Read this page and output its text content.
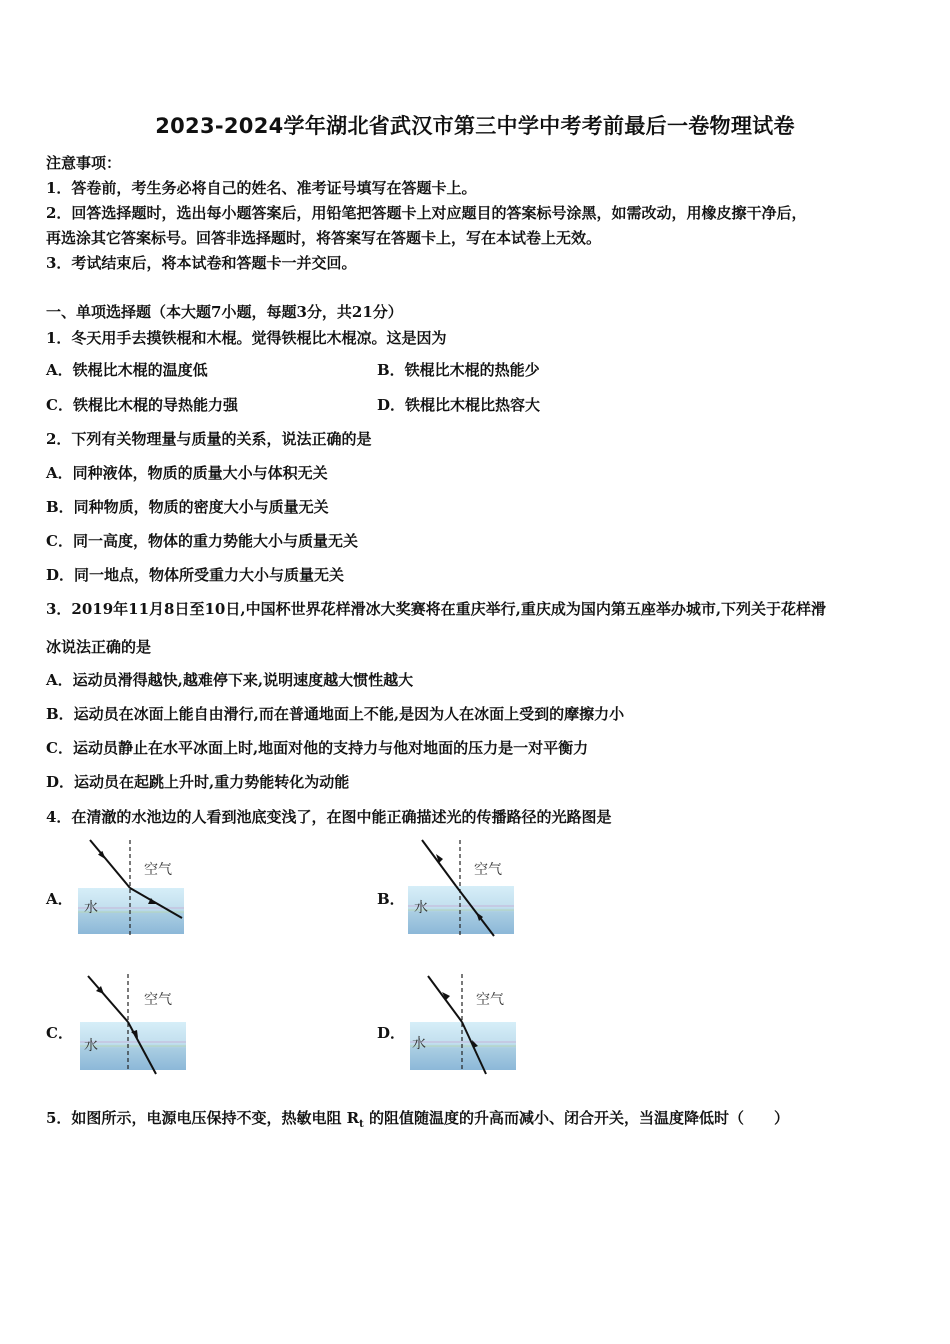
2023-2024学年湖北省武汉市第三中学中考考前最后一卷物理试卷
注意事项：
1．答卷前，考生务必将自己的姓名、准考证号填写在答题卡上。
2．回答选择题时，选出每小题答案后，用铅笔把答题卡上对应题目的答案标号涂黑，如需改动，用橡皮擦干净后，
再选涂其它答案标号。回答非选择题时，将答案写在答题卡上，写在本试卷上无效。
3．考试结束后，将本试卷和答题卡一并交回。
一、单项选择题（本大题7小题，每题3分，共21分）
1．冬天用手去摸铁棍和木棍。觉得铁棍比木棍凉。这是因为
A．铁棍比木棍的温度低	B．铁棍比木棍的热能少
C．铁棍比木棍的导热能力强	D．铁棍比木棍比热容大
2．下列有关物理量与质量的关系，说法正确的是
A．同种液体，物质的质量大小与体积无关
B．同种物质，物质的密度大小与质量无关
C．同一高度，物体的重力势能大小与质量无关
D．同一地点，物体所受重力大小与质量无关
3．2019年11月8日至10日,中国杯世界花样滑冰大奖赛将在重庆举行,重庆成为国内第五座举办城市,下列关于花样滑
冰说法正确的是
A．运动员滑得越快,越难停下来,说明速度越大惯性越大
B．运动员在冰面上能自由滑行,而在普通地面上不能,是因为人在冰面上受到的摩擦力小
C．运动员静止在水平冰面上时,地面对他的支持力与他对地面的压力是一对平衡力
D．运动员在起跳上升时,重力势能转化为动能
4．在清澈的水池边的人看到池底变浅了，在图中能正确描述光的传播路径的光路图是
A．	B．
C．	D．
空气
水
空气
水
空气
水
空气
水
5．如图所示，电源电压保持不变，热敏电阻 $R_t$ 的阻值随温度的升高而减小、闭合开关，当温度降低时（　　）
